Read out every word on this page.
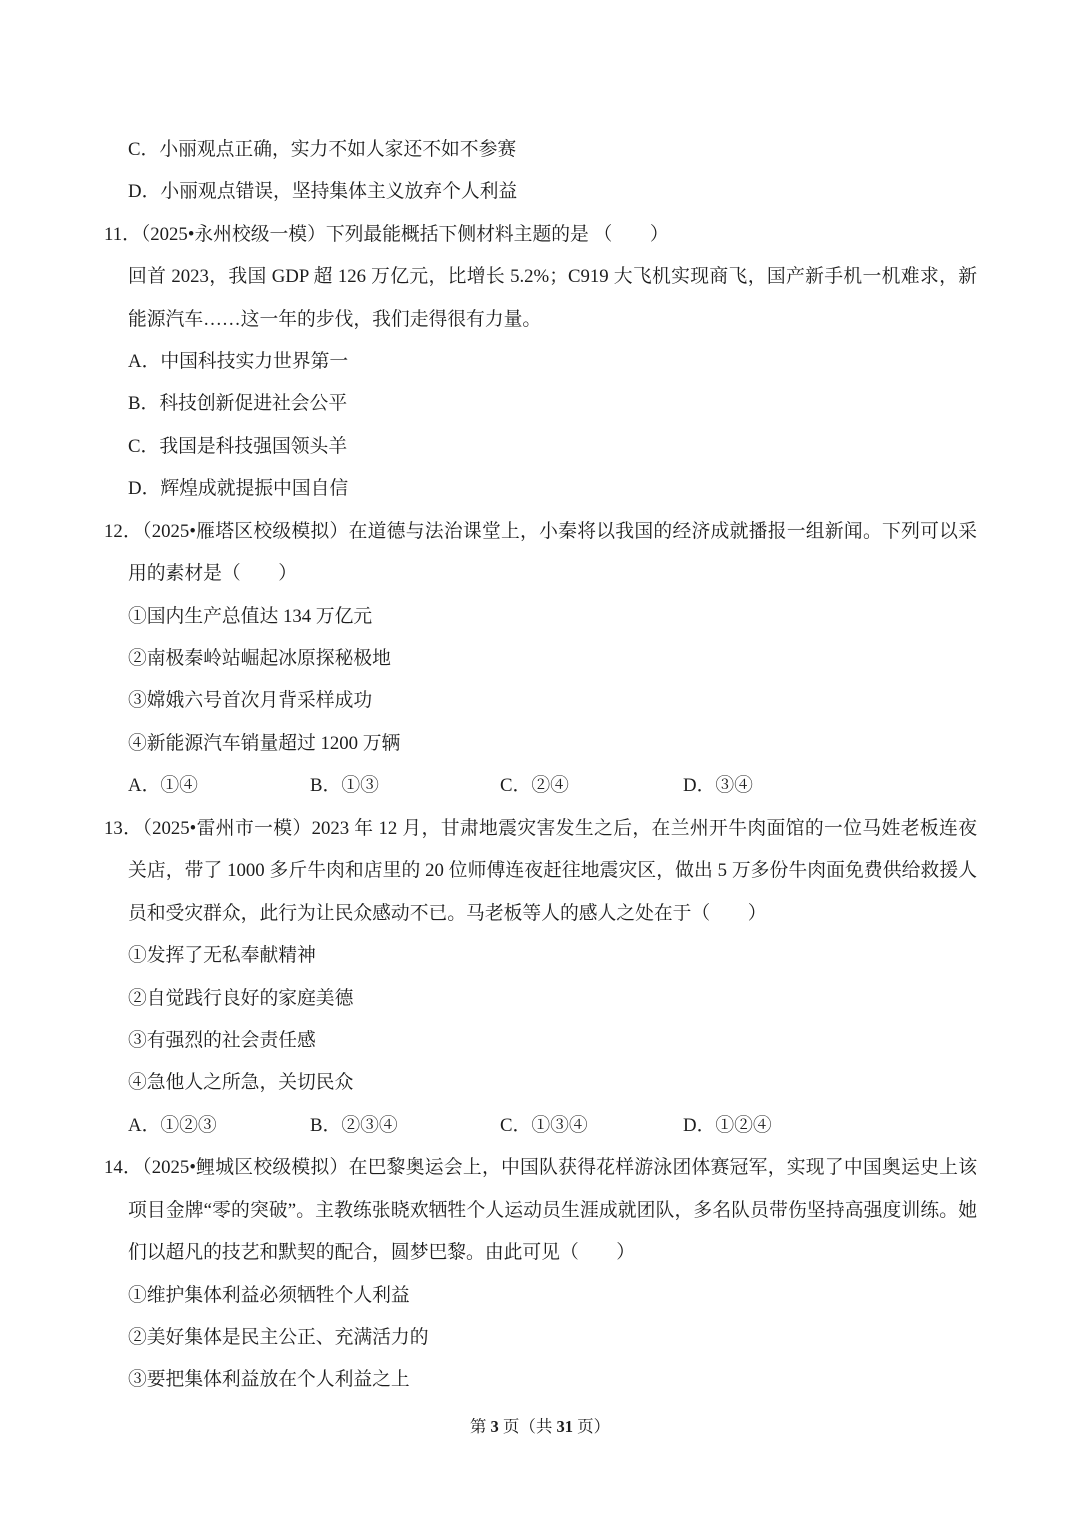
C．小丽观点正确，实力不如人家还不如不参赛
D．小丽观点错误，坚持集体主义放弃个人利益
11．（2025•永州校级一模）下列最能概括下侧材料主题的是 （　　）
回首 2023，我国 GDP 超 126 万亿元，比增长 5.2%；C919 大飞机实现商飞，国产新手机一机难求，新
能源汽车……这一年的步伐，我们走得很有力量。
A．中国科技实力世界第一
B．科技创新促进社会公平
C．我国是科技强国领头羊
D．辉煌成就提振中国自信
12．（2025•雁塔区校级模拟）在道德与法治课堂上，小秦将以我国的经济成就播报一组新闻。下列可以采
用的素材是（　　）
①国内生产总值达 134 万亿元
②南极秦岭站崛起冰原探秘极地
③嫦娥六号首次月背采样成功
④新能源汽车销量超过 1200 万辆
A．①④	B．①③	C．②④	D．③④
13．（2025•雷州市一模）2023 年 12 月，甘肃地震灾害发生之后，在兰州开牛肉面馆的一位马姓老板连夜
关店，带了 1000 多斤牛肉和店里的 20 位师傅连夜赶往地震灾区，做出 5 万多份牛肉面免费供给救援人
员和受灾群众，此行为让民众感动不已。马老板等人的感人之处在于（　　）
①发挥了无私奉献精神
②自觉践行良好的家庭美德
③有强烈的社会责任感
④急他人之所急，关切民众
A．①②③	B．②③④	C．①③④	D．①②④
14．（2025•鲤城区校级模拟）在巴黎奥运会上，中国队获得花样游泳团体赛冠军，实现了中国奥运史上该
项目金牌“零的突破”。主教练张晓欢牺牲个人运动员生涯成就团队，多名队员带伤坚持高强度训练。她
们以超凡的技艺和默契的配合，圆梦巴黎。由此可见（　　）
①维护集体利益必须牺牲个人利益
②美好集体是民主公正、充满活力的
③要把集体利益放在个人利益之上
第 3 页（共 31 页）
